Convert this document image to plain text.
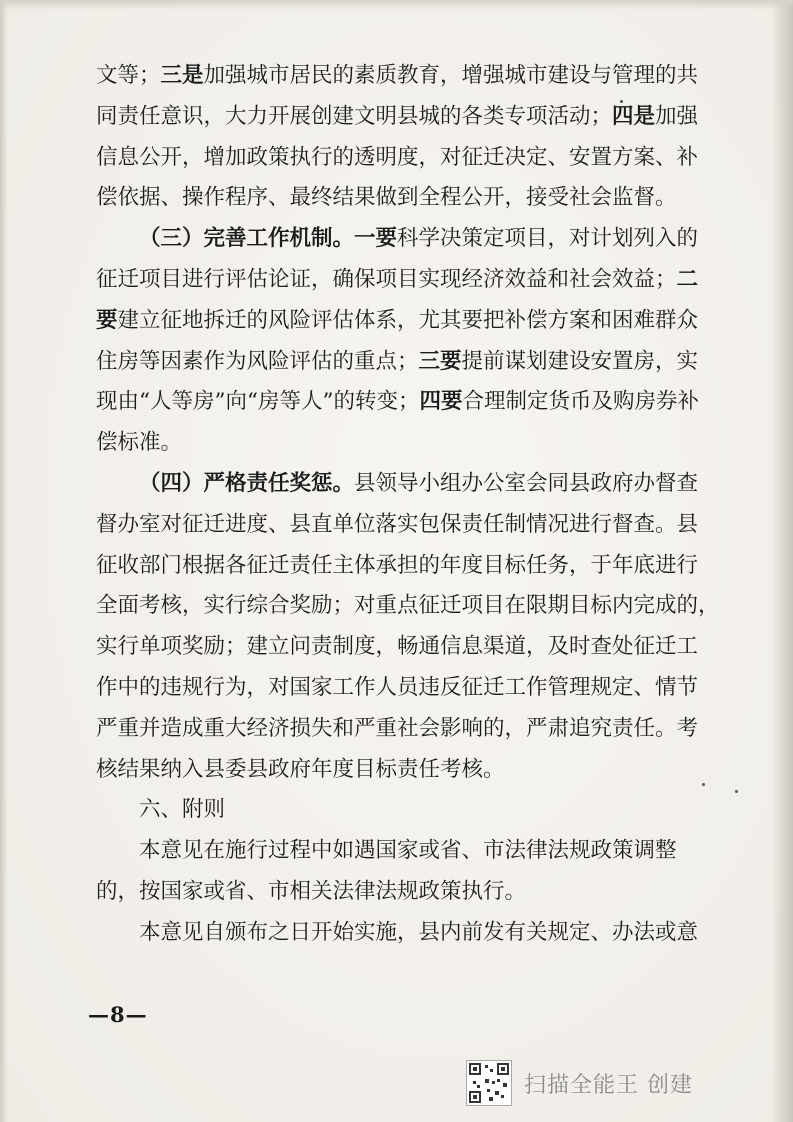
文等；三是加强城市居民的素质教育，增强城市建设与管理的共
同责任意识，大力开展创建文明县城的各类专项活动；四是加强
信息公开，增加政策执行的透明度，对征迁决定、安置方案、补
偿依据、操作程序、最终结果做到全程公开，接受社会监督。
（三）完善工作机制。一要科学决策定项目，对计划列入的
征迁项目进行评估论证，确保项目实现经济效益和社会效益；二
要建立征地拆迁的风险评估体系，尤其要把补偿方案和困难群众
住房等因素作为风险评估的重点；三要提前谋划建设安置房，实
现由“人等房”向“房等人”的转变；四要合理制定货币及购房券补
偿标准。
（四）严格责任奖惩。县领导小组办公室会同县政府办督查
督办室对征迁进度、县直单位落实包保责任制情况进行督查。县
征收部门根据各征迁责任主体承担的年度目标任务，于年底进行
全面考核，实行综合奖励；对重点征迁项目在限期目标内完成的，
实行单项奖励；建立问责制度，畅通信息渠道，及时查处征迁工
作中的违规行为，对国家工作人员违反征迁工作管理规定、情节
严重并造成重大经济损失和严重社会影响的，严肃追究责任。考
核结果纳入县委县政府年度目标责任考核。
六、附则
本意见在施行过程中如遇国家或省、市法律法规政策调整
的，按国家或省、市相关法律法规政策执行。
本意见自颁布之日开始实施，县内前发有关规定、办法或意
—8—
扫描全能王 创建
